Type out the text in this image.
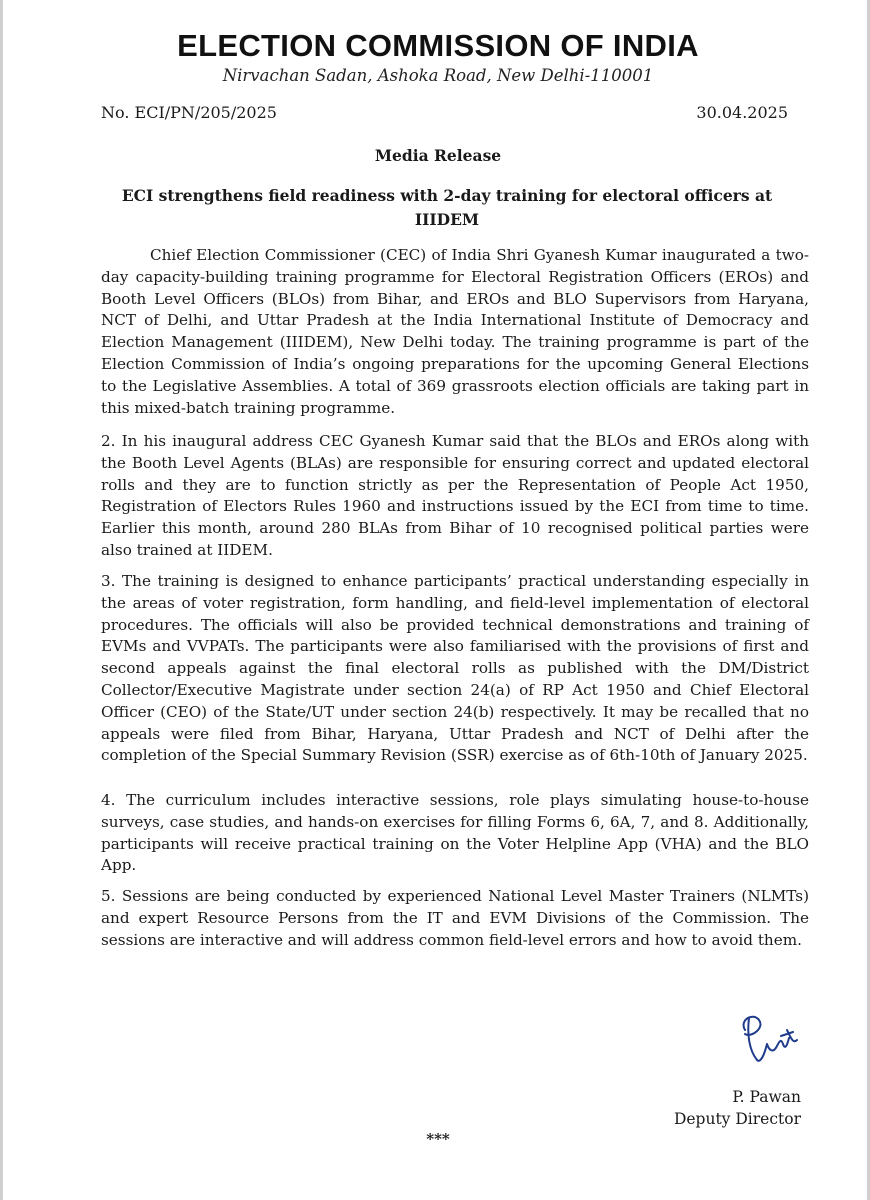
ELECTION COMMISSION OF INDIA
Nirvachan Sadan, Ashoka Road, New Delhi-110001
No. ECI/PN/205/2025	30.04.2025
Media Release
ECI strengthens field readiness with 2-day training for electoral officers at IIIDEM

Chief Election Commissioner (CEC) of India Shri Gyanesh Kumar inaugurated a two-day capacity-building training programme for Electoral Registration Officers (EROs) and Booth Level Officers (BLOs) from Bihar, and EROs and BLO Supervisors from Haryana, NCT of Delhi, and Uttar Pradesh at the India International Institute of Democracy and Election Management (IIIDEM), New Delhi today. The training programme is part of the Election Commission of India’s ongoing preparations for the upcoming General Elections to the Legislative Assemblies. A total of 369 grassroots election officials are taking part in this mixed-batch training programme.

2. In his inaugural address CEC Gyanesh Kumar said that the BLOs and EROs along with the Booth Level Agents (BLAs) are responsible for ensuring correct and updated electoral rolls and they are to function strictly as per the Representation of People Act 1950, Registration of Electors Rules 1960 and instructions issued by the ECI from time to time. Earlier this month, around 280 BLAs from Bihar of 10 recognised political parties were also trained at IIDEM.

3. The training is designed to enhance participants’ practical understanding especially in the areas of voter registration, form handling, and field-level implementation of electoral procedures. The officials will also be provided technical demonstrations and training of EVMs and VVPATs. The participants were also familiarised with the provisions of first and second appeals against the final electoral rolls as published with the DM/District Collector/Executive Magistrate under section 24(a) of RP Act 1950 and Chief Electoral Officer (CEO) of the State/UT under section 24(b) respectively. It may be recalled that no appeals were filed from Bihar, Haryana, Uttar Pradesh and NCT of Delhi after the completion of the Special Summary Revision (SSR) exercise as of 6th-10th of January 2025.

4. The curriculum includes interactive sessions, role plays simulating house-to-house surveys, case studies, and hands-on exercises for filling Forms 6, 6A, 7, and 8. Additionally, participants will receive practical training on the Voter Helpline App (VHA) and the BLO App.

5. Sessions are being conducted by experienced National Level Master Trainers (NLMTs) and expert Resource Persons from the IT and EVM Divisions of the Commission. The sessions are interactive and will address common field-level errors and how to avoid them.

P. Pawan
Deputy Director
***
